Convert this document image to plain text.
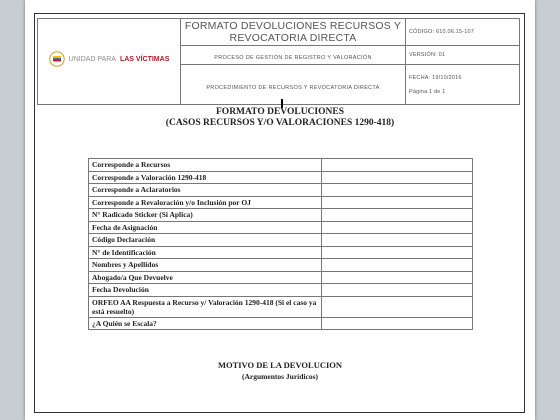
UNIDAD PARA LAS VÍCTIMAS	FORMATO DEVOLUCIONES RECURSOS Y REVOCATORIA DIRECTA	CÓDIGO: 610.06.15-107
	PROCESO DE GESTIÓN DE REGISTRO Y VALORACIÓN	VERSIÓN: 01
	PROCEDIMIENTO DE RECURSOS Y REVOCATORIA DIRECTA	FECHA: 19/10/2016
Página 1 de 1
FORMATO DEVOLUCIONES
(CASOS RECURSOS Y/O VALORACIONES 1290-418)
Corresponde a Recursos	
Corresponde a Valoración 1290-418	
Corresponde a Aclaratorios	
Corresponde a Revaloración y/o Inclusión por OJ	
N° Radicado Sticker (Si Aplica)	
Fecha de Asignación	
Código Declaración	
N° de Identificación	
Nombres y Apellidos	
Abogado/a Que Devuelve	
Fecha Devolución	
ORFEO AA Respuesta a Recurso y/ Valoración 1290-418 (Si el caso ya está resuelto)	
¿A Quién se Escala?	
MOTIVO DE LA DEVOLUCION
(Argumentos Jurídicos)
